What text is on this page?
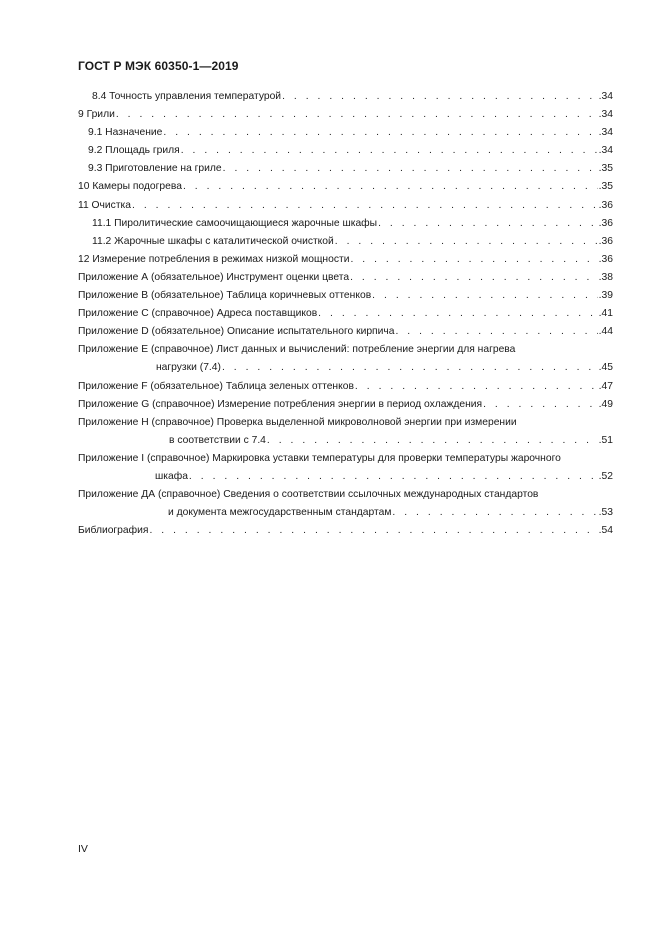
ГОСТ Р МЭК 60350-1—2019
8.4 Точность управления температурой . . .	.34
9 Грили . . .	.34
9.1 Назначение . . .	.34
9.2 Площадь гриля . . .	.34
9.3 Приготовление на гриле . . .	.35
10 Камеры подогрева . . .	.35
11 Очистка . . .	.36
11.1 Пиролитические самоочищающиеся жарочные шкафы . . .	.36
11.2 Жарочные шкафы с каталитической очисткой . . .	.36
12 Измерение потребления в режимах низкой мощности . . .	.36
Приложение А (обязательное) Инструмент оценки цвета . . .	.38
Приложение В (обязательное) Таблица коричневых оттенков . . .	.39
Приложение С (справочное) Адреса поставщиков . . .	.41
Приложение D (обязательное) Описание испытательного кирпича . . .	.44
Приложение Е (справочное) Лист данных и вычислений: потребление энергии для нагрева
нагрузки (7.4) . . .	.45
Приложение F (обязательное) Таблица зеленых оттенков . . .	.47
Приложение G (справочное) Измерение потребления энергии в период охлаждения . . .	.49
Приложение Н (справочное) Проверка выделенной микроволновой энергии при измерении
в соответствии с 7.4 . . .	.51
Приложение I (справочное) Маркировка уставки температуры для проверки температуры жарочного
шкафа . . .	.52
Приложение ДА (справочное) Сведения о соответствии ссылочных международных стандартов
и документа межгосударственным стандартам . . .	.53
Библиография . . .	.54
IV
